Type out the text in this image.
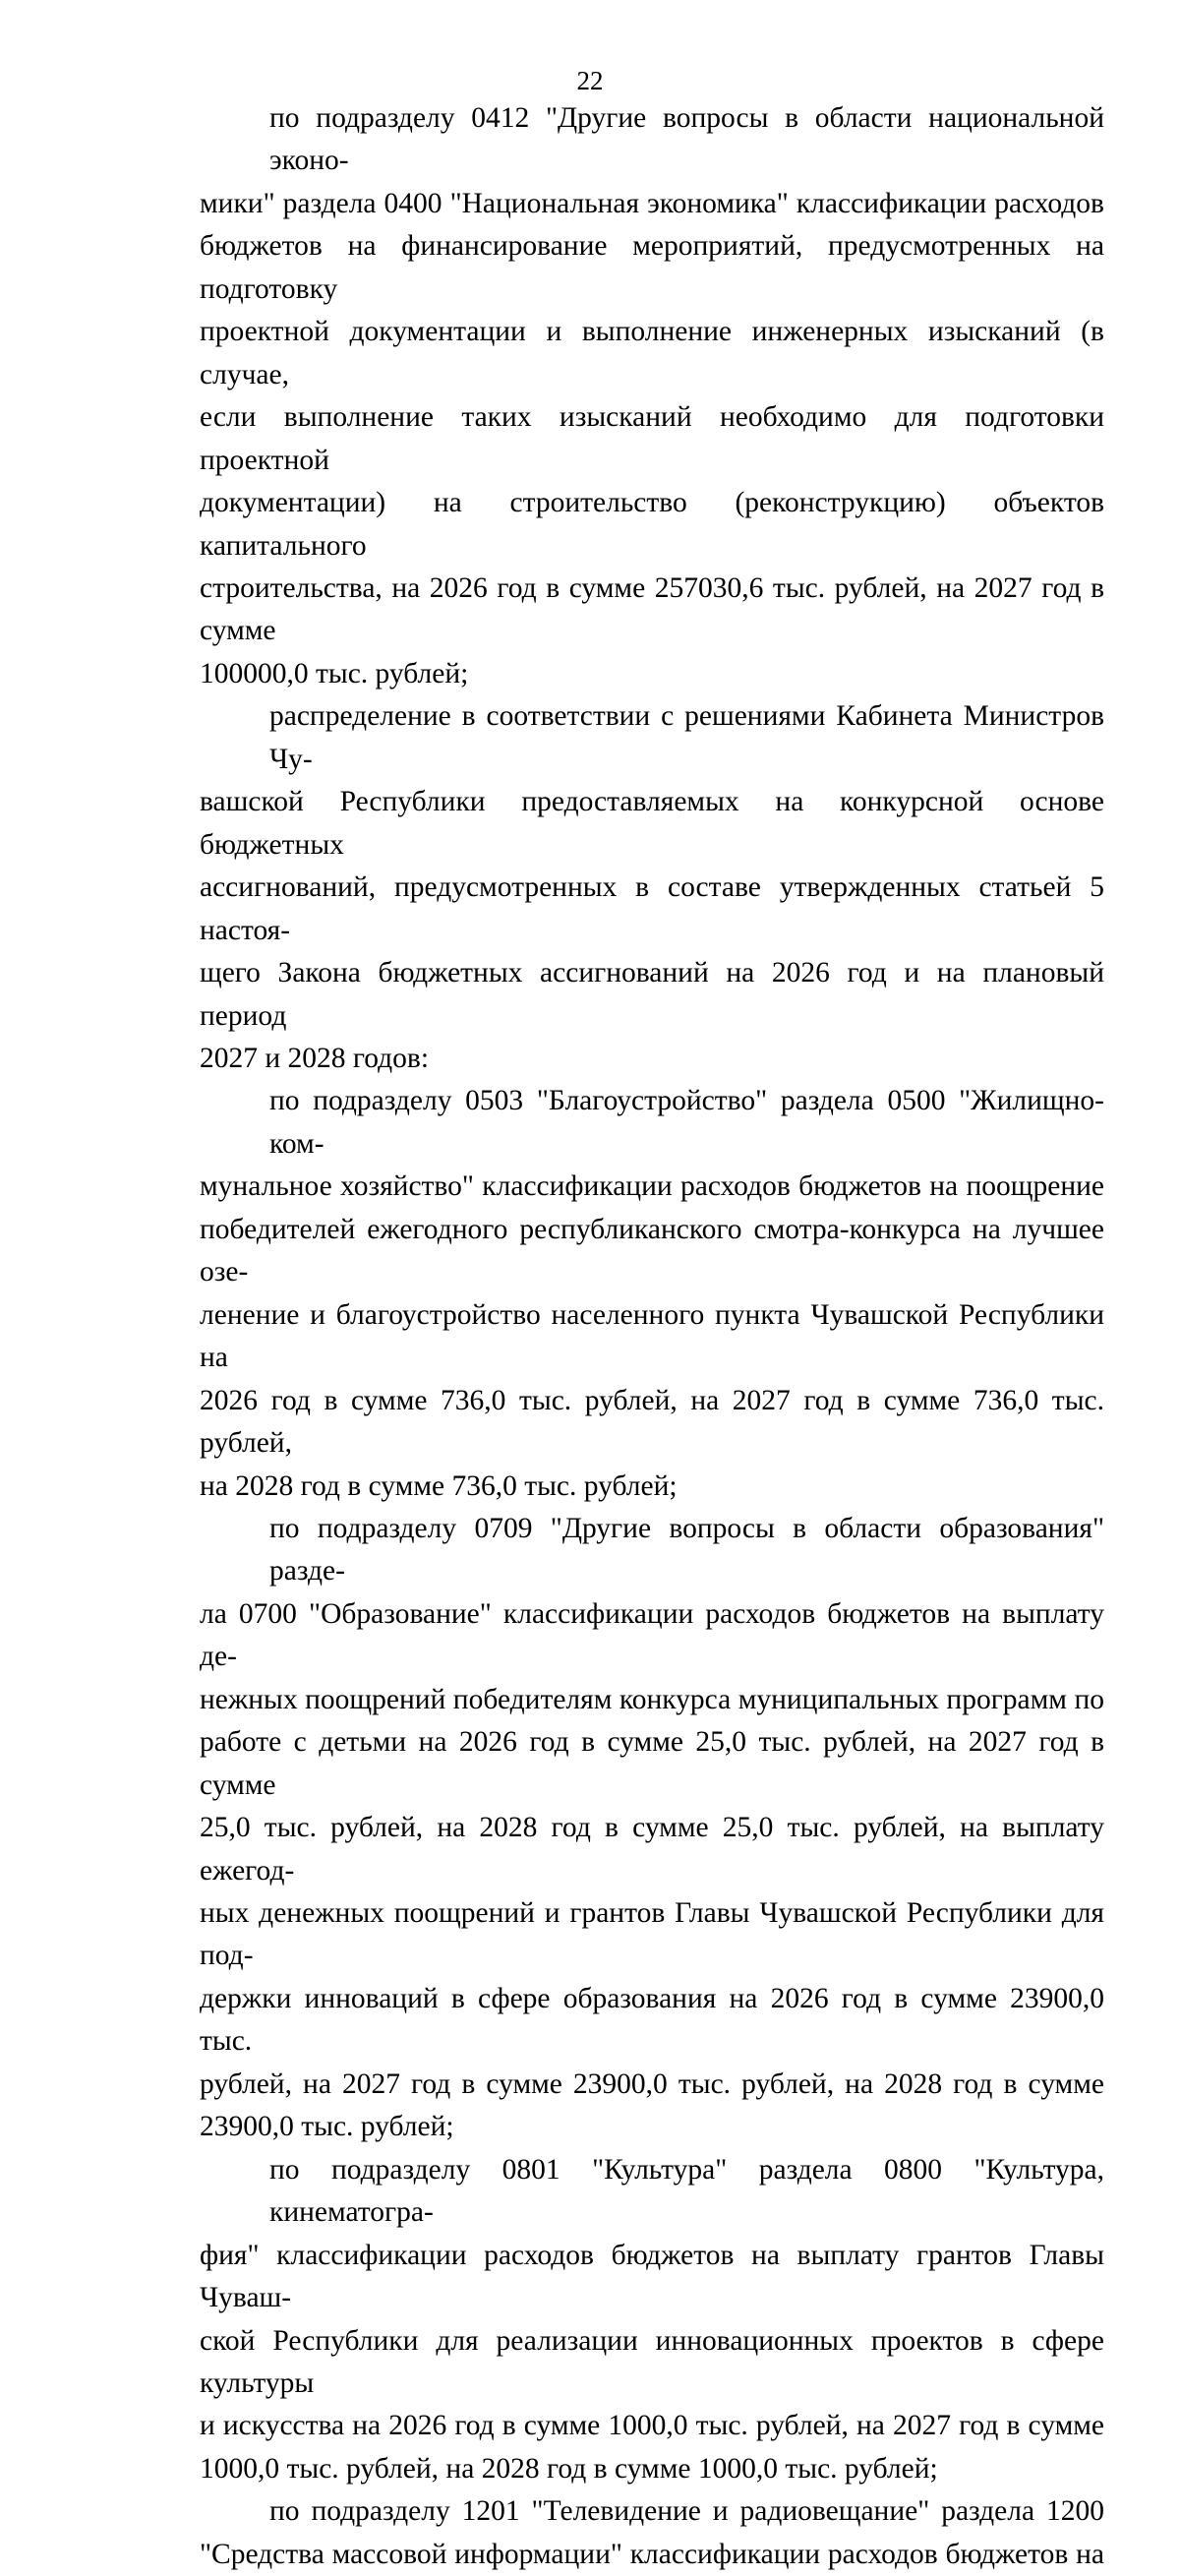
22

по подразделу 0412 "Другие вопросы в области национальной эконо-
мики" раздела 0400 "Национальная экономика" классификации расходов
бюджетов на финансирование мероприятий, предусмотренных на подготовку
проектной документации и выполнение инженерных изысканий (в случае,
если выполнение таких изысканий необходимо для подготовки проектной
документации) на строительство (реконструкцию) объектов капитального
строительства, на 2026 год в сумме 257030,6 тыс. рублей, на 2027 год в сумме
100000,0 тыс. рублей;

распределение в соответствии с решениями Кабинета Министров Чу-
вашской Республики предоставляемых на конкурсной основе бюджетных
ассигнований, предусмотренных в составе утвержденных статьей 5 настоя-
щего Закона бюджетных ассигнований на 2026 год и на плановый период
2027 и 2028 годов:

по подразделу 0503 "Благоустройство" раздела 0500 "Жилищно-ком-
мунальное хозяйство" классификации расходов бюджетов на поощрение
победителей ежегодного республиканского смотра-конкурса на лучшее озе-
ленение и благоустройство населенного пункта Чувашской Республики на
2026 год в сумме 736,0 тыс. рублей, на 2027 год в сумме 736,0 тыс. рублей,
на 2028 год в сумме 736,0 тыс. рублей;

по подразделу 0709 "Другие вопросы в области образования" разде-
ла 0700 "Образование" классификации расходов бюджетов на выплату де-
нежных поощрений победителям конкурса муниципальных программ по
работе с детьми на 2026 год в сумме 25,0 тыс. рублей, на 2027 год в сумме
25,0 тыс. рублей, на 2028 год в сумме 25,0 тыс. рублей, на выплату ежегод-
ных денежных поощрений и грантов Главы Чувашской Республики для под-
держки инноваций в сфере образования на 2026 год в сумме 23900,0 тыс.
рублей, на 2027 год в сумме 23900,0 тыс. рублей, на 2028 год в сумме
23900,0 тыс. рублей;

по подразделу 0801 "Культура" раздела 0800 "Культура, кинематогра-
фия" классификации расходов бюджетов на выплату грантов Главы Чуваш-
ской Республики для реализации инновационных проектов в сфере культуры
и искусства на 2026 год в сумме 1000,0 тыс. рублей, на 2027 год в сумме
1000,0 тыс. рублей, на 2028 год в сумме 1000,0 тыс. рублей;

по подразделу 1201 "Телевидение и радиовещание" раздела 1200
"Средства массовой информации" классификации расходов бюджетов на
